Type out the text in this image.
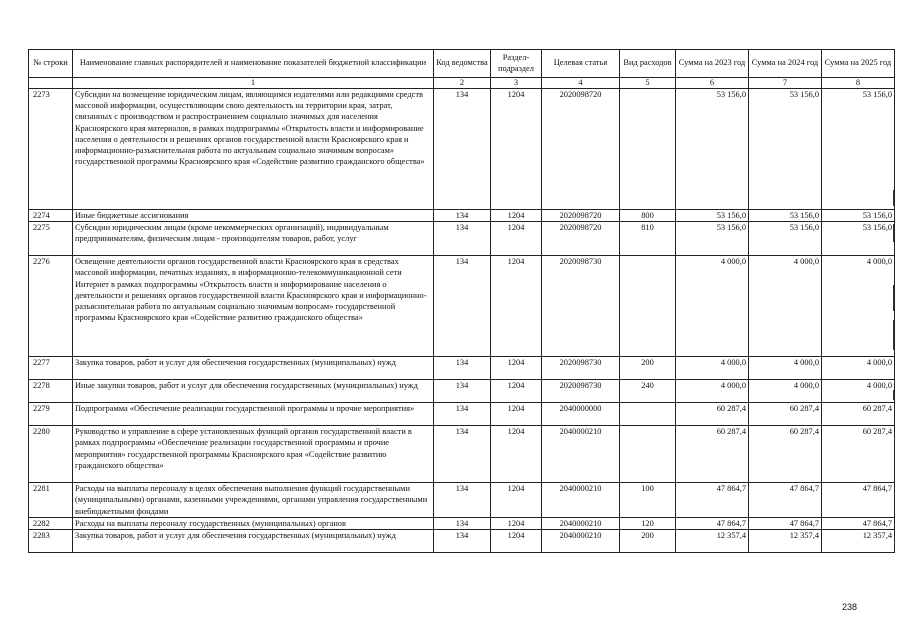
№ строки	Наименование главных распорядителей и наименование показателей бюджетной классификации	Код ведомства	Раздел-подраздел	Целевая статья	Вид расходов	Сумма на 2023 год	Сумма на 2024 год	Сумма на 2025 год
	1	2	3	4	5	6	7	8
2273	Субсидии на возмещение юридическим лицам, являющимся издателями или редакциями средств массовой информации, осуществляющим свою деятельность на территории края, затрат, связанных с производством и распространением социально значимых для населения Красноярского края материалов, в рамках подпрограммы «Открытость власти и информирование населения о деятельности и решениях органов государственной власти Красноярского края и информационно-разъяснительная работа по актуальным социально значимым вопросам» государственной программы Красноярского края «Содействие развитию гражданского общества»	134	1204	2020098720		53 156,0	53 156,0	53 156,0
2274	Иные бюджетные ассигнования	134	1204	2020098720	800	53 156,0	53 156,0	53 156,0
2275	Субсидии юридическим лицам (кроме некоммерческих организаций), индивидуальным предпринимателям, физическим лицам - производителям товаров, работ, услуг	134	1204	2020098720	810	53 156,0	53 156,0	53 156,0
2276	Освещение деятельности органов государственной власти Красноярского края в средствах массовой информации, печатных изданиях, в информационно-телекоммуникационной сети Интернет в рамках подпрограммы «Открытость власти и информирование населения о деятельности и решениях органов государственной власти Красноярского края и информационно-разъяснительная работа по актуальным социально значимым вопросам» государственной программы Красноярского края «Содействие развитию гражданского общества»	134	1204	2020098730		4 000,0	4 000,0	4 000,0
2277	Закупка товаров, работ и услуг для обеспечения государственных (муниципальных) нужд	134	1204	2020098730	200	4 000,0	4 000,0	4 000,0
2278	Иные закупки товаров, работ и услуг для обеспечения государственных (муниципальных) нужд	134	1204	2020098730	240	4 000,0	4 000,0	4 000,0
2279	Подпрограмма «Обеспечение реализации государственной программы и прочие мероприятия»	134	1204	2040000000		60 287,4	60 287,4	60 287,4
2280	Руководство и управление в сфере установленных функций органов государственной власти в рамках подпрограммы «Обеспечение реализации государственной программы и прочие мероприятия» государственной программы Красноярского края «Содействие развитию гражданского общества»	134	1204	2040000210		60 287,4	60 287,4	60 287,4
2281	Расходы на выплаты персоналу в целях обеспечения выполнения функций государственными (муниципальными) органами, казенными учреждениями, органами управления государственными внебюджетными фондами	134	1204	2040000210	100	47 864,7	47 864,7	47 864,7
2282	Расходы на выплаты персоналу государственных (муниципальных) органов	134	1204	2040000210	120	47 864,7	47 864,7	47 864,7
2283	Закупка товаров, работ и услуг для обеспечения государственных (муниципальных) нужд	134	1204	2040000210	200	12 357,4	12 357,4	12 357,4
238
